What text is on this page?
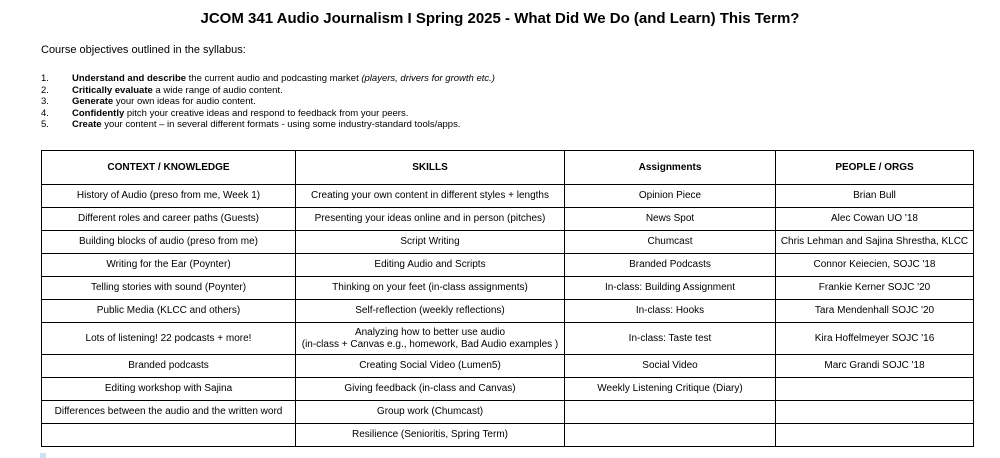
JCOM 341 Audio Journalism I Spring 2025 - What Did We Do (and Learn) This Term?
Course objectives outlined in the syllabus:
1. Understand and describe the current audio and podcasting market (players, drivers for growth etc.)
2. Critically evaluate a wide range of audio content.
3. Generate your own ideas for audio content.
4. Confidently pitch your creative ideas and respond to feedback from your peers.
5. Create your content – in several different formats - using some industry-standard tools/apps.
CONTEXT / KNOWLEDGE	SKILLS	Assignments	PEOPLE / ORGS
History of Audio (preso from me, Week 1)	Creating your own content in different styles + lengths	Opinion Piece	Brian Bull
Different roles and career paths (Guests)	Presenting your ideas online and in person (pitches)	News Spot	Alec Cowan UO '18
Building blocks of audio (preso from me)	Script Writing	Chumcast	Chris Lehman and Sajina Shrestha, KLCC
Writing for the Ear (Poynter)	Editing Audio and Scripts	Branded Podcasts	Connor Keiecien, SOJC '18
Telling stories with sound (Poynter)	Thinking on your feet (in-class assignments)	In-class: Building Assignment	Frankie Kerner SOJC '20
Public Media (KLCC and others)	Self-reflection (weekly reflections)	In-class: Hooks	Tara Mendenhall SOJC '20
Lots of listening! 22 podcasts + more!	Analyzing how to better use audio
(in-class + Canvas e.g., homework, Bad Audio examples )	In-class: Taste test	Kira Hoffelmeyer SOJC '16
Branded podcasts	Creating Social Video (Lumen5)	Social Video	Marc Grandi SOJC '18
Editing workshop with Sajina	Giving feedback (in-class and Canvas)	Weekly Listening Critique (Diary)	
Differences between the audio and the written word	Group work (Chumcast)		
	Resilience (Senioritis, Spring Term)		
